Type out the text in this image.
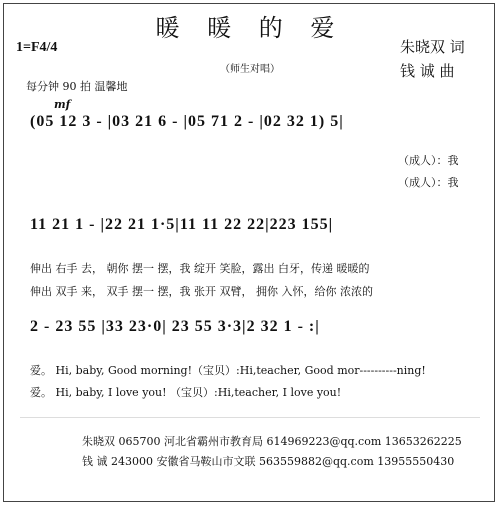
暖 暖 的 爱
（师生对唱）
1=F4/4
每分钟 90 拍 温馨地
朱晓双 词
钱 诚 曲
mf
(05 12 3 - |03 21 6 - |05 71 2 - |02 32 1) 5|
（成人）：我
（成人）：我
11 21 1 - |22 21 1·5|11 11 22 22|223 155|
伸出 右手 去， 朝你 摆一 摆，我 绽开 笑脸，露出 白牙，传递 暖暖的
伸出 双手 来， 双手 摆一 摆，我 张开 双臂， 拥你 入怀，给你 浓浓的
2 - 23 55 |33 23·0| 23 55 3·3|2 32 1 - :|
爱。 Hi, baby, Good morning!（宝贝）:Hi,teacher, Good mor----------ning!
爱。 Hi, baby, I love you! （宝贝）:Hi,teacher, I love you!
朱晓双 065700 河北省霸州市教育局 614969223@qq.com 13653262225
钱 诚 243000 安徽省马鞍山市文联 563559882@qq.com 13955550430
